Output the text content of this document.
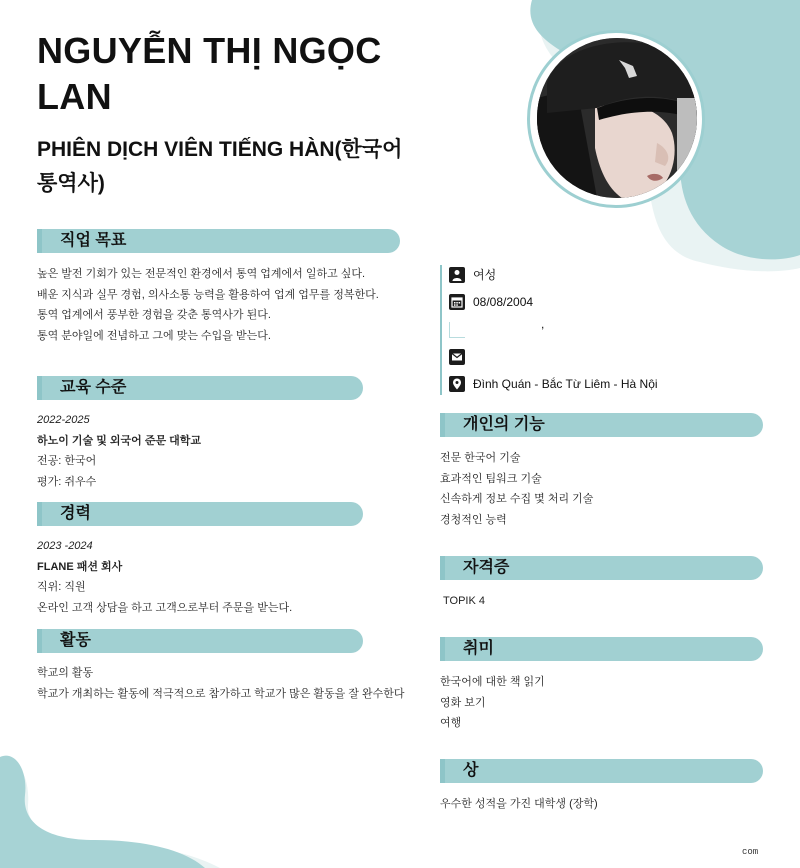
NGUYỄN THỊ NGỌC LAN
PHIÊN DỊCH VIÊN TIẾNG HÀN(한국어 통역사)
직업 목표

높은 발전 기회가 있는 전문적인 환경에서 통역 업계에서 일하고 싶다.

배운 지식과 실무 경험, 의사소통 능력을 활용하여 업계 업무를 정복한다.

통역 업계에서 풍부한 경험을 갖춘 통역사가 된다.

통역 분야일에 전념하고 그에 맞는 수입을 받는다.

교육 수준

2022-2025

하노이 기술 및 외국어 준문 대학교

전공: 한국어

평가: 쥐우수

경력

2023 -2024

FLANE 패션 회사

직위: 직원

온라인 고객 상담을 하고 고객으로부터 주문을 받는다.

활동

학교의 활동

학교가 개최하는 활동에 적극적으로 참가하고 학교가 많은 활동을 잘 완수한다

여성
08/08/2004
,
Đình Quán - Bắc Từ Liêm - Hà Nội
개인의 기능

전문 한국어 기술

효과적인 팀워크 기술

신속하게 정보 수집 몇 처리 기술

경청적인 능력

자격증

TOPIK 4

취미

한국어에 대한 책 읽기

영화 보기

여행

상

우수한 성적을 가진 대학생 (장학)

com
